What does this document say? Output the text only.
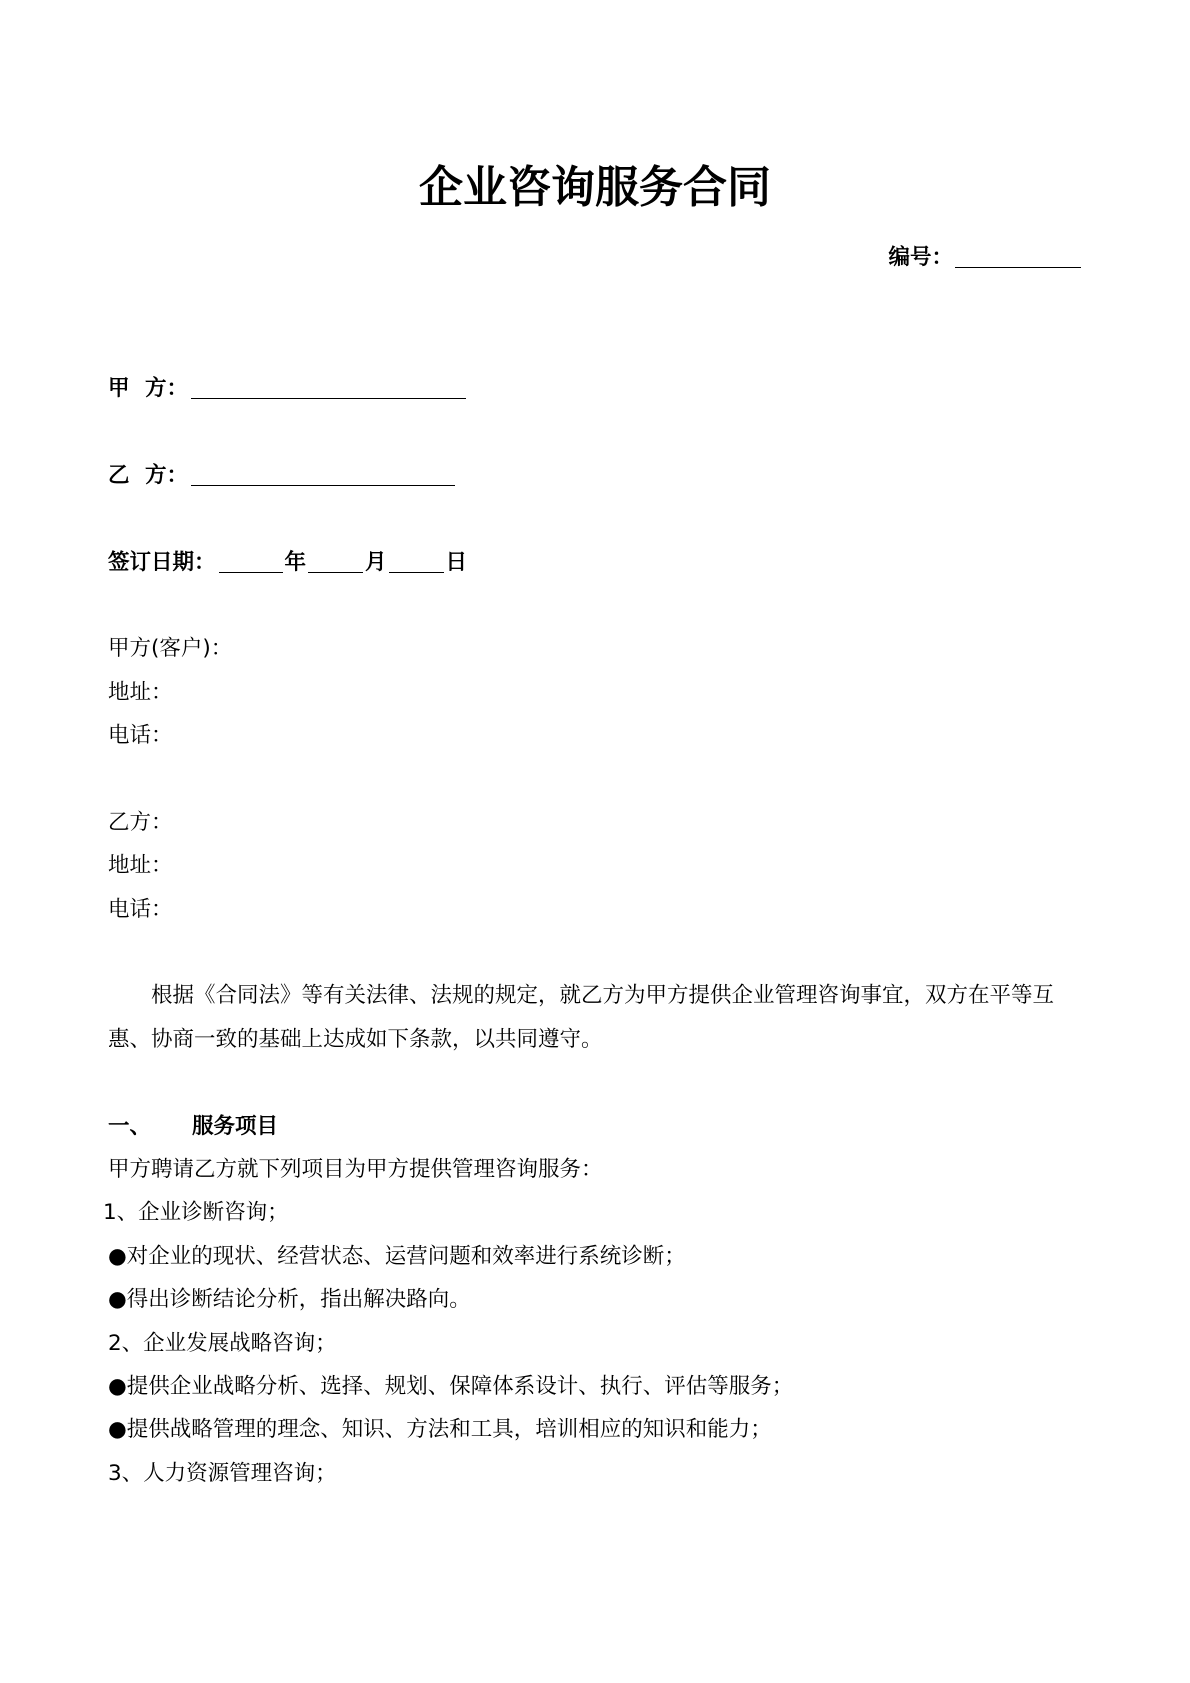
企业咨询服务合同
编号：
甲 方：
乙 方：
签订日期：	年	月	日
甲方(客户)：
地址：
电话：
乙方：
地址：
电话：

根据《合同法》等有关法律、法规的规定，就乙方为甲方提供企业管理咨询事宜，双方在平等互惠、协商一致的基础上达成如下条款，以共同遵守。

一、 服务项目
甲方聘请乙方就下列项目为甲方提供管理咨询服务：
1、企业诊断咨询；
●对企业的现状、经营状态、运营问题和效率进行系统诊断；
●得出诊断结论分析，指出解决路向。
2、企业发展战略咨询；
●提供企业战略分析、选择、规划、保障体系设计、执行、评估等服务；
●提供战略管理的理念、知识、方法和工具，培训相应的知识和能力；
3、人力资源管理咨询；
